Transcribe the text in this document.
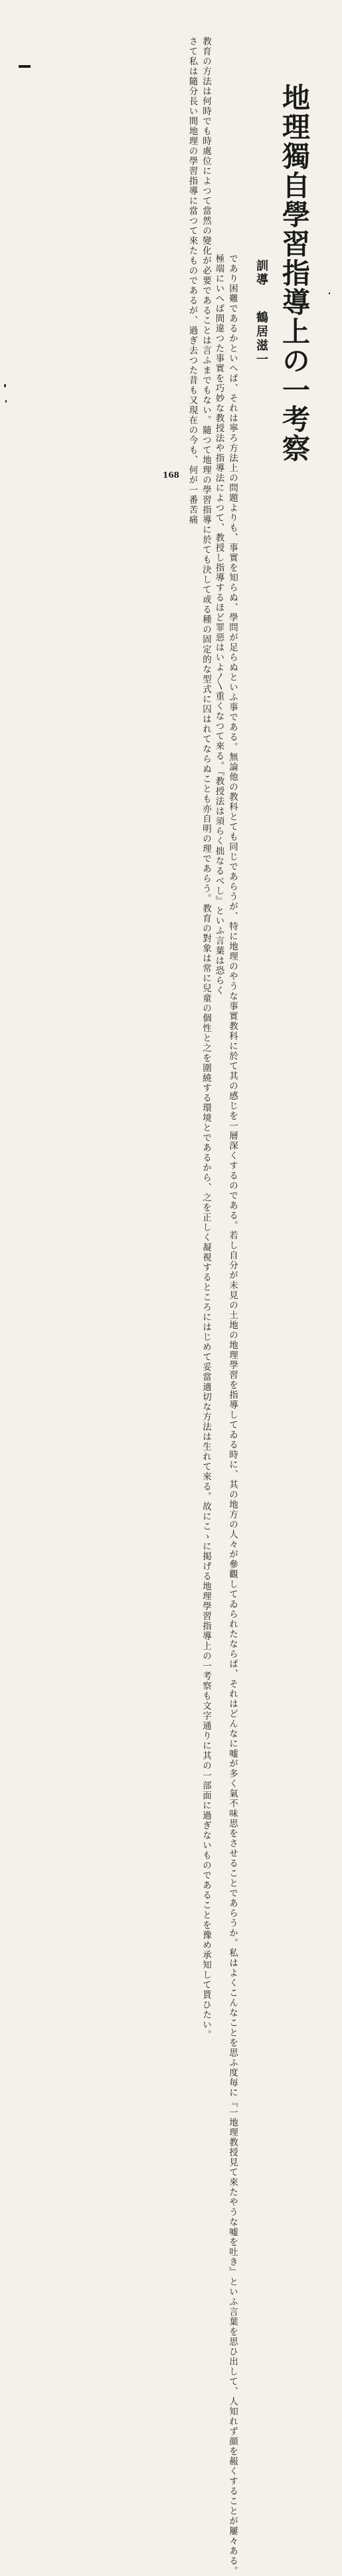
地理獨自學習指導上の一考察
訓導鶴居滋一

教育の方法は何時でも時處位によつて當然の變化が必要であることは言ふまでもない。隨つて地理の學習指導に於ても決して或る種の固定的な型式に囚はれてならぬことも亦自明の理であらう。教育の對象は常に兒童の個性と之を圍繞する環境とであるから、之を正しく凝視するところにはじめて妥當適切な方法は生れて來る。故にこゝに掲げる地理學習指導上の一考察も文字通りに其の一部面に過ぎないものであることを豫め承知して貰ひたい。

さて私は隨分長い間地理の學習指導に當つて來たものであるが、過ぎ去つた昔も又現在の今も、何が一番苦痛	であり困難であるかといへば、それは寧ろ方法上の問題よりも、事實を知らぬ、學問が足らぬといふ事である。無論他の教科とても同じであらうが、特に地理のやうな事實教科に於て其の感じを一層深くするのである。若し自分が未見の土地の地理學習を指導してゐる時に、其の地方の人々が參觀してゐられたならば、それはどんなに嘘が多く氣不味思をさせることであらうか。私はよくこんなことを思ふ度毎に『一地理教授見て來たやうな嘘を吐き』といふ言葉を思ひ出して、人知れず顔を赧くすることが屢々ある。

極端にいへば間違つた事實を巧妙な教授法や指導法によつて、教授し指導するほど罪惡はいよ〳〵重くなつて來る。『教授法は須らく拙なるべし』といふ言葉は恐らく

168
